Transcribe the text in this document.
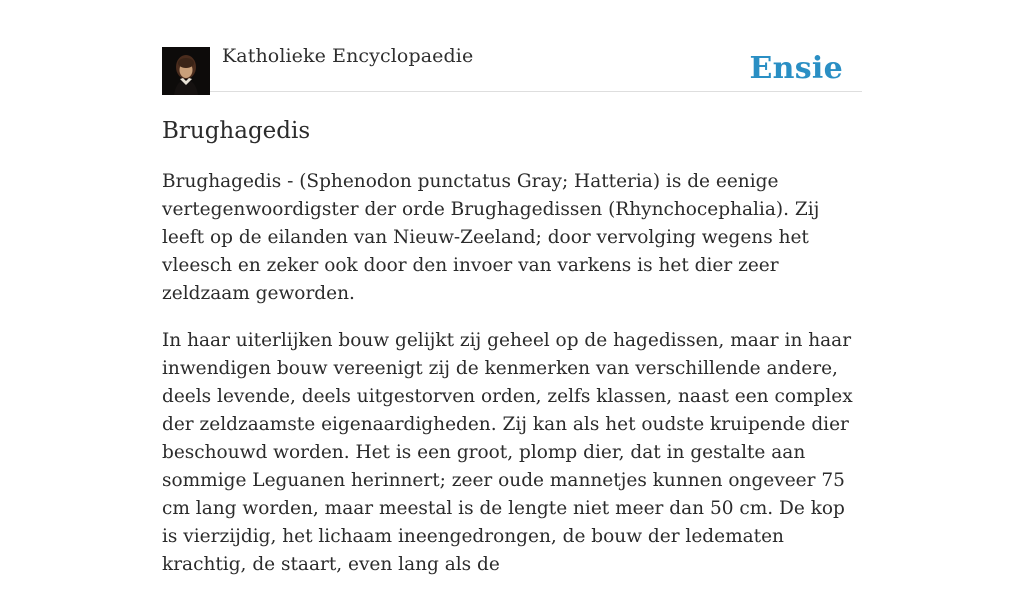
Katholieke Encyclopaedie	Ensie
Brughagedis

Brughagedis - (Sphenodon punctatus Gray; Hatteria) is de eenige vertegenwoordigster der orde Brughagedissen (Rhynchocephalia). Zij leeft op de eilanden van Nieuw-Zeeland; door vervolging wegens het vleesch en zeker ook door den invoer van varkens is het dier zeer zeldzaam geworden.

In haar uiterlijken bouw gelijkt zij geheel op de hagedissen, maar in haar inwendigen bouw vereenigt zij de kenmerken van verschillende andere, deels levende, deels uitgestorven orden, zelfs klassen, naast een complex der zeldzaamste eigenaardigheden. Zij kan als het oudste kruipende dier beschouwd worden. Het is een groot, plomp dier, dat in gestalte aan sommige Leguanen herinnert; zeer oude mannetjes kunnen ongeveer 75 cm lang worden, maar meestal is de lengte niet meer dan 50 cm. De kop is vierzijdig, het lichaam ineengedrongen, de bouw der ledematen krachtig, de staart, even lang als de
